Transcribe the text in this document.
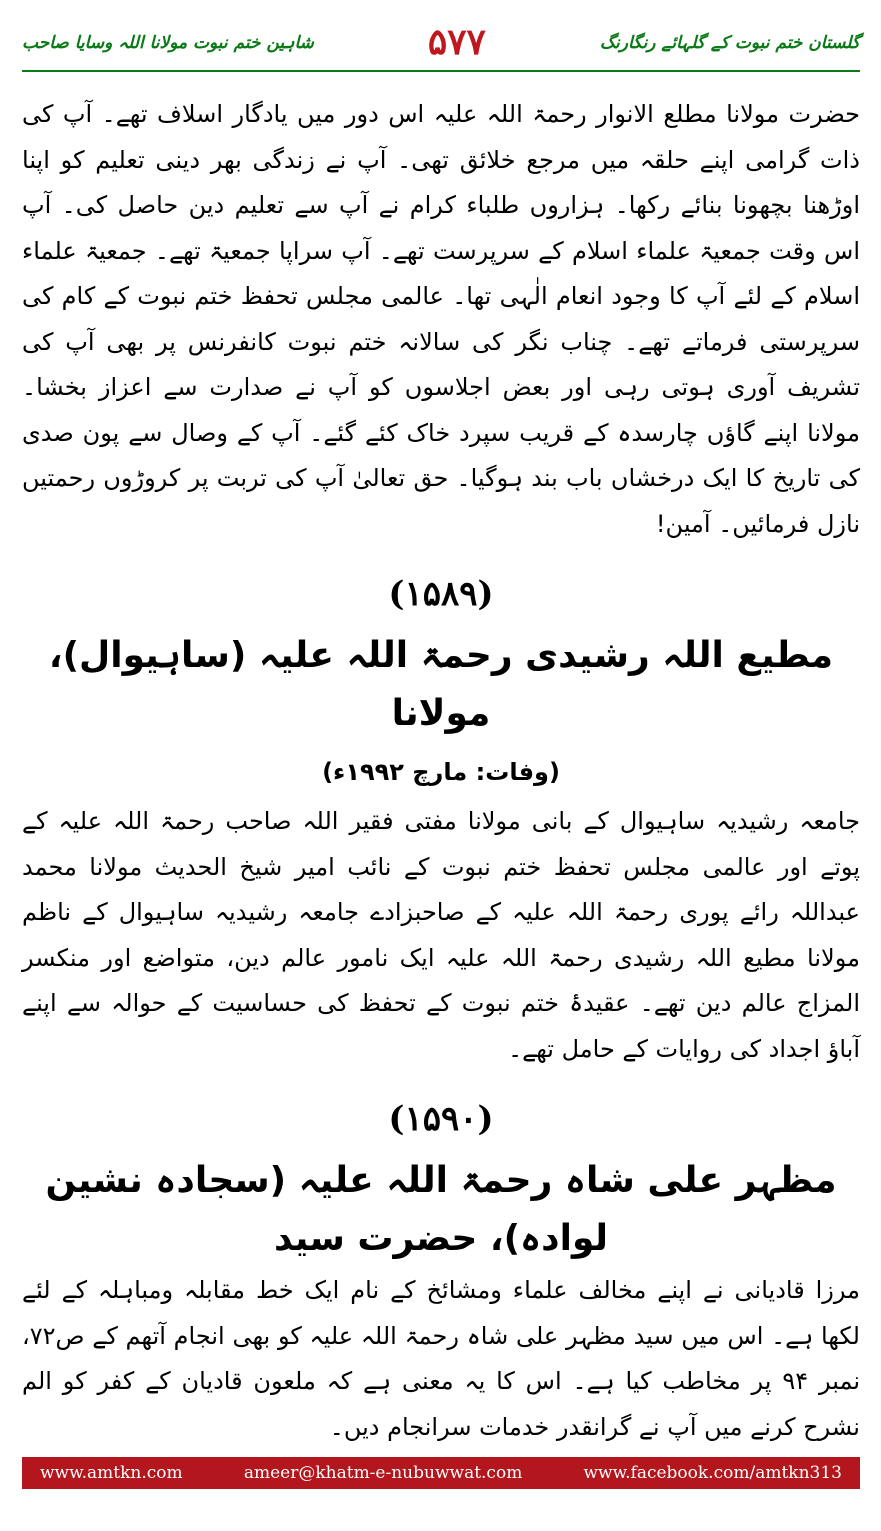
شاہین ختم نبوت مولانا اللہ وسایا صاحب	۵۷۷	گلستان ختم نبوت کے گلہائے رنگارنگ

حضرت مولانا مطلع الانوار رحمۃ اللہ علیہ اس دور میں یادگار اسلاف تھے۔ آپ کی ذات گرامی اپنے حلقہ میں مرجع خلائق تھی۔ آپ نے زندگی بھر دینی تعلیم کو اپنا اوڑھنا بچھونا بنائے رکھا۔ ہزاروں طلباء کرام نے آپ سے تعلیم دین حاصل کی۔ آپ اس وقت جمعیۃ علماء اسلام کے سرپرست تھے۔ آپ سراپا جمعیۃ تھے۔ جمعیۃ علماء اسلام کے لئے آپ کا وجود انعام الٰہی تھا۔ عالمی مجلس تحفظ ختم نبوت کے کام کی سرپرستی فرماتے تھے۔ چناب نگر کی سالانہ ختم نبوت کانفرنس پر بھی آپ کی تشریف آوری ہوتی رہی اور بعض اجلاسوں کو آپ نے صدارت سے اعزاز بخشا۔ مولانا اپنے گاؤں چارسدہ کے قریب سپرد خاک کئے گئے۔ آپ کے وصال سے پون صدی کی تاریخ کا ایک درخشاں باب بند ہوگیا۔ حق تعالیٰ آپ کی تربت پر کروڑوں رحمتیں نازل فرمائیں۔ آمین!

(۱۵۸۹)
مطیع اللہ رشیدی رحمۃ اللہ علیہ (ساہیوال)، مولانا
(وفات: مارچ ۱۹۹۲ء)

جامعہ رشیدیہ ساہیوال کے بانی مولانا مفتی فقیر اللہ صاحب رحمۃ اللہ علیہ کے پوتے اور عالمی مجلس تحفظ ختم نبوت کے نائب امیر شیخ الحدیث مولانا محمد عبداللہ رائے پوری رحمۃ اللہ علیہ کے صاحبزادے جامعہ رشیدیہ ساہیوال کے ناظم مولانا مطیع اللہ رشیدی رحمۃ اللہ علیہ ایک نامور عالم دین، متواضع اور منکسر المزاج عالم دین تھے۔ عقیدۂ ختم نبوت کے تحفظ کی حساسیت کے حوالہ سے اپنے آباؤ اجداد کی روایات کے حامل تھے۔

(۱۵۹۰)
مظہر علی شاہ رحمۃ اللہ علیہ (سجادہ نشین لوادہ)، حضرت سید

مرزا قادیانی نے اپنے مخالف علماء ومشائخ کے نام ایک خط مقابلہ ومباہلہ کے لئے لکھا ہے۔ اس میں سید مظہر علی شاہ رحمۃ اللہ علیہ کو بھی انجام آتھم کے ص۷۲، نمبر ۹۴ پر مخاطب کیا ہے۔ اس کا یہ معنی ہے کہ ملعون قادیان کے کفر کو الم نشرح کرنے میں آپ نے گرانقدر خدمات سرانجام دیں۔

www.amtkn.com	ameer@khatm-e-nubuwwat.com	www.facebook.com/amtkn313
